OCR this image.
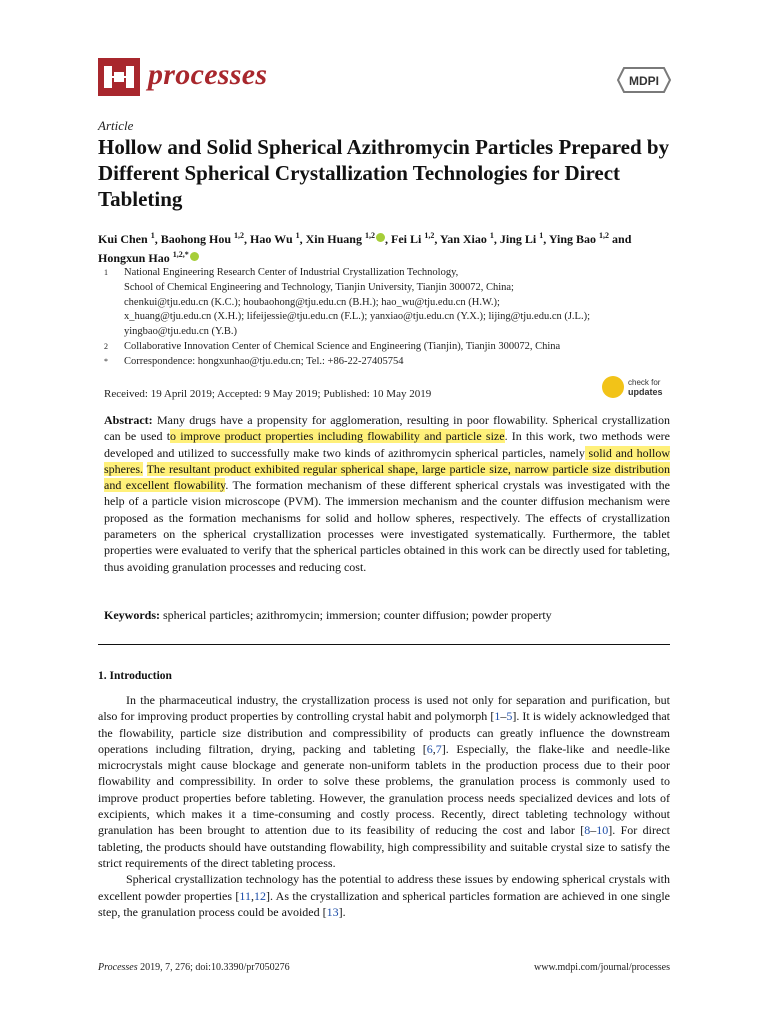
processes	MDPI
Article
Hollow and Solid Spherical Azithromycin Particles Prepared by Different Spherical Crystallization Technologies for Direct Tableting
Kui Chen $^1$, Baohong Hou $^{1,2}$, Hao Wu $^1$, Xin Huang $^{1,2}$ , Fei Li $^{1,2}$, Yan Xiao $^1$, Jing Li $^1$, Ying Bao $^{1,2}$ and Hongxun Hao $^{1,2,*}$
1 National Engineering Research Center of Industrial Crystallization Technology,
School of Chemical Engineering and Technology, Tianjin University, Tianjin 300072, China;
chenkui@tju.edu.cn (K.C.); houbaohong@tju.edu.cn (B.H.); hao_wu@tju.edu.cn (H.W.);
x_huang@tju.edu.cn (X.H.); lifeijessie@tju.edu.cn (F.L.); yanxiao@tju.edu.cn (Y.X.); lijing@tju.edu.cn (J.L.);
yingbao@tju.edu.cn (Y.B.)
2 Collaborative Innovation Center of Chemical Science and Engineering (Tianjin), Tianjin 300072, China
* Correspondence: hongxunhao@tju.edu.cn; Tel.: +86-22-27405754
Received: 19 April 2019; Accepted: 9 May 2019; Published: 10 May 2019
check for
updates

Abstract: Many drugs have a propensity for agglomeration, resulting in poor flowability. Spherical crystallization can be used to improve product properties including flowability and particle size. In this work, two methods were developed and utilized to successfully make two kinds of azithromycin spherical particles, namely solid and hollow spheres. The resultant product exhibited regular spherical shape, large particle size, narrow particle size distribution and excellent flowability. The formation mechanism of these different spherical crystals was investigated with the help of a particle vision microscope (PVM). The immersion mechanism and the counter diffusion mechanism were proposed as the formation mechanisms for solid and hollow spheres, respectively. The effects of crystallization parameters on the spherical crystallization processes were investigated systematically. Furthermore, the tablet properties were evaluated to verify that the spherical particles obtained in this work can be directly used for tableting, thus avoiding granulation processes and reducing cost.

Keywords: spherical particles; azithromycin; immersion; counter diffusion; powder property
1. Introduction

In the pharmaceutical industry, the crystallization process is used not only for separation and purification, but also for improving product properties by controlling crystal habit and polymorph [1–5]. It is widely acknowledged that the flowability, particle size distribution and compressibility of products can greatly influence the downstream operations including filtration, drying, packing and tableting [6,7]. Especially, the flake-like and needle-like microcrystals might cause blockage and generate non-uniform tablets in the production process due to their poor flowability and compressibility. In order to solve these problems, the granulation process is commonly used to improve product properties before tableting. However, the granulation process needs specialized devices and lots of excipients, which makes it a time-consuming and costly process. Recently, direct tableting technology without granulation has been brought to attention due to its feasibility of reducing the cost and labor [8–10]. For direct tableting, the products should have outstanding flowability, high compressibility and suitable crystal size to satisfy the strict requirements of the direct tableting process.

Spherical crystallization technology has the potential to address these issues by endowing spherical crystals with excellent powder properties [11,12]. As the crystallization and spherical particles formation are achieved in one single step, the granulation process could be avoided [13].

Processes 2019, 7, 276; doi:10.3390/pr7050276	www.mdpi.com/journal/processes
